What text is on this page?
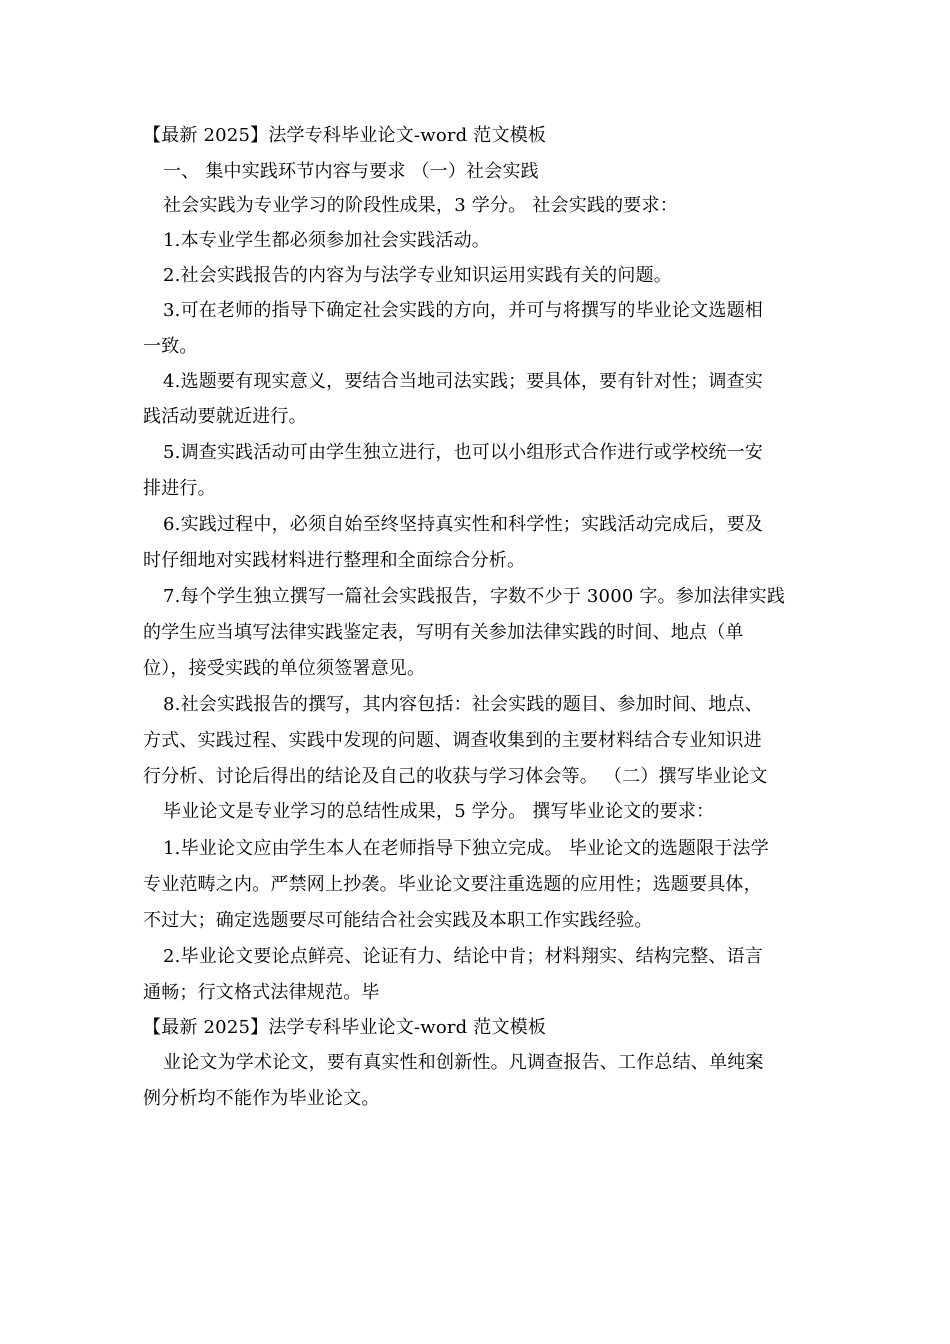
【最新 2025】法学专科毕业论文-word 范文模板
一、 集中实践环节内容与要求 （一）社会实践
社会实践为专业学习的阶段性成果，3 学分。 社会实践的要求：
1.本专业学生都必须参加社会实践活动。
2.社会实践报告的内容为与法学专业知识运用实践有关的问题。
3.可在老师的指导下确定社会实践的方向，并可与将撰写的毕业论文选题相
一致。
4.选题要有现实意义，要结合当地司法实践；要具体，要有针对性；调查实
践活动要就近进行。
5.调查实践活动可由学生独立进行，也可以小组形式合作进行或学校统一安
排进行。
6.实践过程中，必须自始至终坚持真实性和科学性；实践活动完成后，要及
时仔细地对实践材料进行整理和全面综合分析。
7.每个学生独立撰写一篇社会实践报告，字数不少于 3000 字。参加法律实践
的学生应当填写法律实践鉴定表，写明有关参加法律实践的时间、地点（单
位），接受实践的单位须签署意见。
8.社会实践报告的撰写，其内容包括：社会实践的题目、参加时间、地点、
方式、实践过程、实践中发现的问题、调查收集到的主要材料结合专业知识进
行分析、讨论后得出的结论及自己的收获与学习体会等。 （二）撰写毕业论文
毕业论文是专业学习的总结性成果，5 学分。 撰写毕业论文的要求：
1.毕业论文应由学生本人在老师指导下独立完成。 毕业论文的选题限于法学
专业范畴之内。严禁网上抄袭。毕业论文要注重选题的应用性；选题要具体，
不过大；确定选题要尽可能结合社会实践及本职工作实践经验。
2.毕业论文要论点鲜亮、论证有力、结论中肯；材料翔实、结构完整、语言
通畅；行文格式法律规范。毕
【最新 2025】法学专科毕业论文-word 范文模板
业论文为学术论文，要有真实性和创新性。凡调查报告、工作总结、单纯案
例分析均不能作为毕业论文。
